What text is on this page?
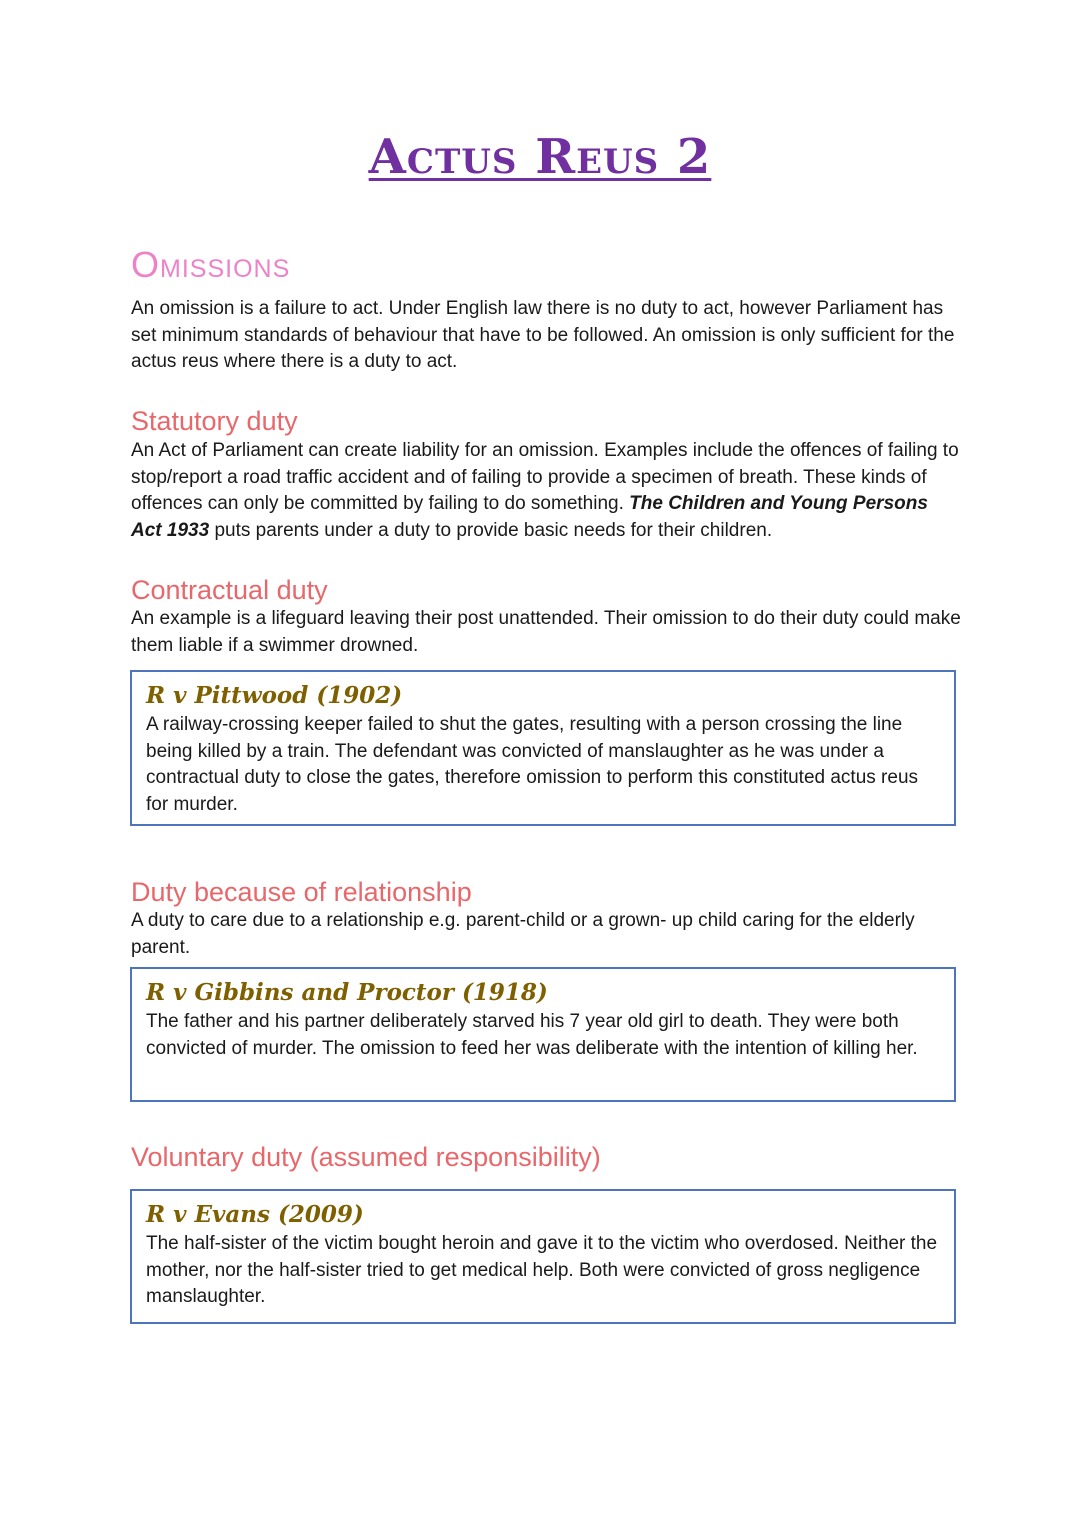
Actus Reus 2
Omissions

An omission is a failure to act. Under English law there is no duty to act, however Parliament has set minimum standards of behaviour that have to be followed. An omission is only sufficient for the actus reus where there is a duty to act.

Statutory duty

An Act of Parliament can create liability for an omission. Examples include the offences of failing to stop/report a road traffic accident and of failing to provide a specimen of breath. These kinds of offences can only be committed by failing to do something. The Children and Young Persons Act 1933 puts parents under a duty to provide basic needs for their children.

Contractual duty

An example is a lifeguard leaving their post unattended. Their omission to do their duty could make them liable if a swimmer drowned.

R v Pittwood (1902)

A railway-crossing keeper failed to shut the gates, resulting with a person crossing the line being killed by a train. The defendant was convicted of manslaughter as he was under a contractual duty to close the gates, therefore omission to perform this constituted actus reus for murder.

Duty because of relationship

A duty to care due to a relationship e.g. parent-child or a grown- up child caring for the elderly parent.

R v Gibbins and Proctor (1918)

The father and his partner deliberately starved his 7 year old girl to death. They were both convicted of murder. The omission to feed her was deliberate with the intention of killing her.

Voluntary duty (assumed responsibility)

R v Evans (2009)

The half-sister of the victim bought heroin and gave it to the victim who overdosed. Neither the mother, nor the half-sister tried to get medical help. Both were convicted of gross negligence manslaughter.
